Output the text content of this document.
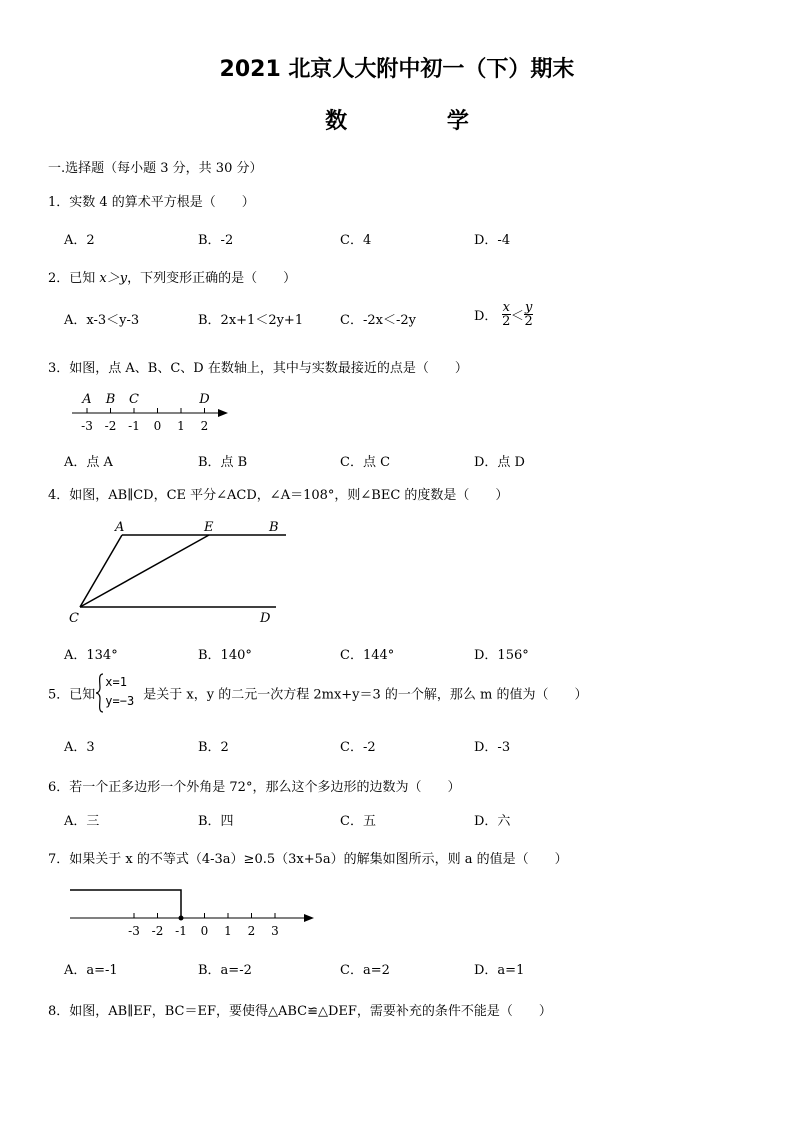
2021 北京人大附中初一（下）期末
数 学
一.选择题（每小题 3 分，共 30 分）
1．实数 4 的算术平方根是（　　）
A．2	B．-2	C．4	D．-4
2．已知 x＞y，下列变形正确的是（　　）
A．x-3＜y-3	B．2x+1＜2y+1	C．-2x＜-2y	D． $\frac{x}{2} < \frac{y}{2}$
3．如图，点 A、B、C、D 在数轴上，其中与实数最接近的点是（　　）
-3 -2 -1 0 1 2
A B C	D
A．点 A	B．点 B	C．点 C	D．点 D
4．如图，AB∥CD，CE 平分∠ACD，∠A＝108°，则∠BEC 的度数是（　　）
A	E	B
C	D
A．134°	B．140°	C．144°	D．156°
5．已知
x=1
y=−3 是关于 x，y 的二元一次方程 2mx+y＝3 的一个解，那么 m 的值为（　　）
A．3	B．2	C．-2	D．-3
6．若一个正多边形一个外角是 72°，那么这个多边形的边数为（　　）
A．三	B．四	C．五	D．六
7．如果关于 x 的不等式（4-3a）≥0.5（3x+5a）的解集如图所示，则 a 的值是（　　）
-3 -2 -1 0 1 2 3
A．a=-1	B．a=-2	C．a=2	D．a=1
8．如图，AB∥EF，BC＝EF，要使得△ABC≌△DEF，需要补充的条件不能是（　　）
